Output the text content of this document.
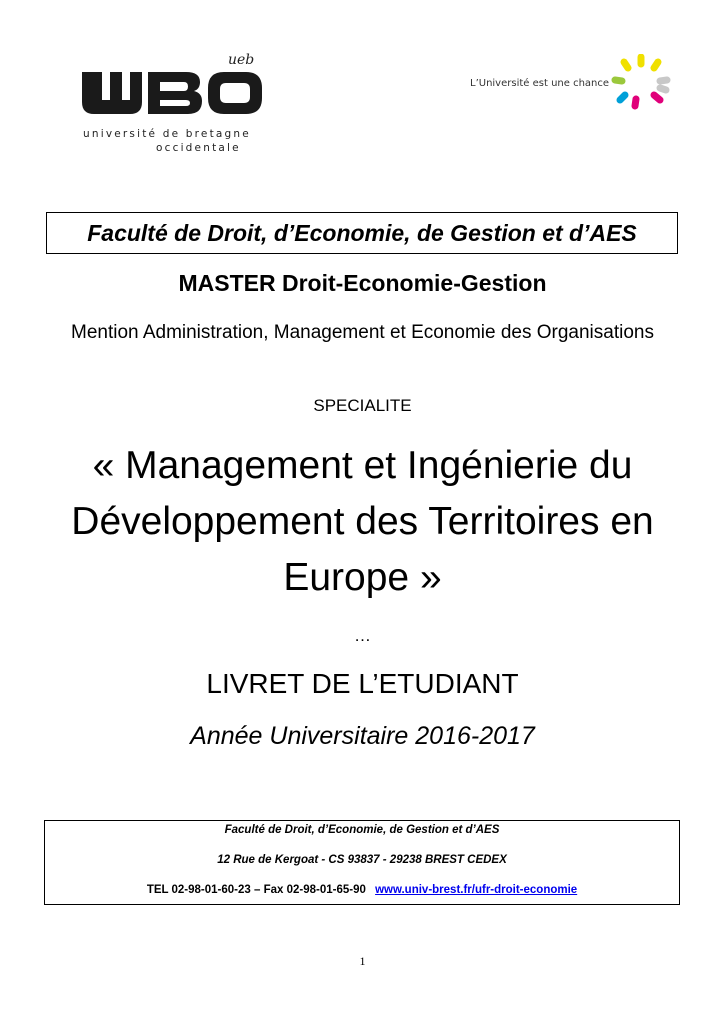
ueb
université de bretagne
occidentale
L’Université est une chance
Faculté de Droit, d’Economie, de Gestion et d’AES
MASTER Droit-Economie-Gestion
Mention Administration, Management et Economie des Organisations
SPECIALITE
« Management et Ingénierie du Développement des Territoires en Europe »
…
LIVRET DE L’ETUDIANT
Année Universitaire 2016-2017
Faculté de Droit, d’Economie, de Gestion et d’AES
12 Rue de Kergoat - CS 93837 - 29238 BREST CEDEX
TEL 02-98-01-60-23 – Fax 02-98-01-65-90 www.univ-brest.fr/ufr-droit-economie
1
